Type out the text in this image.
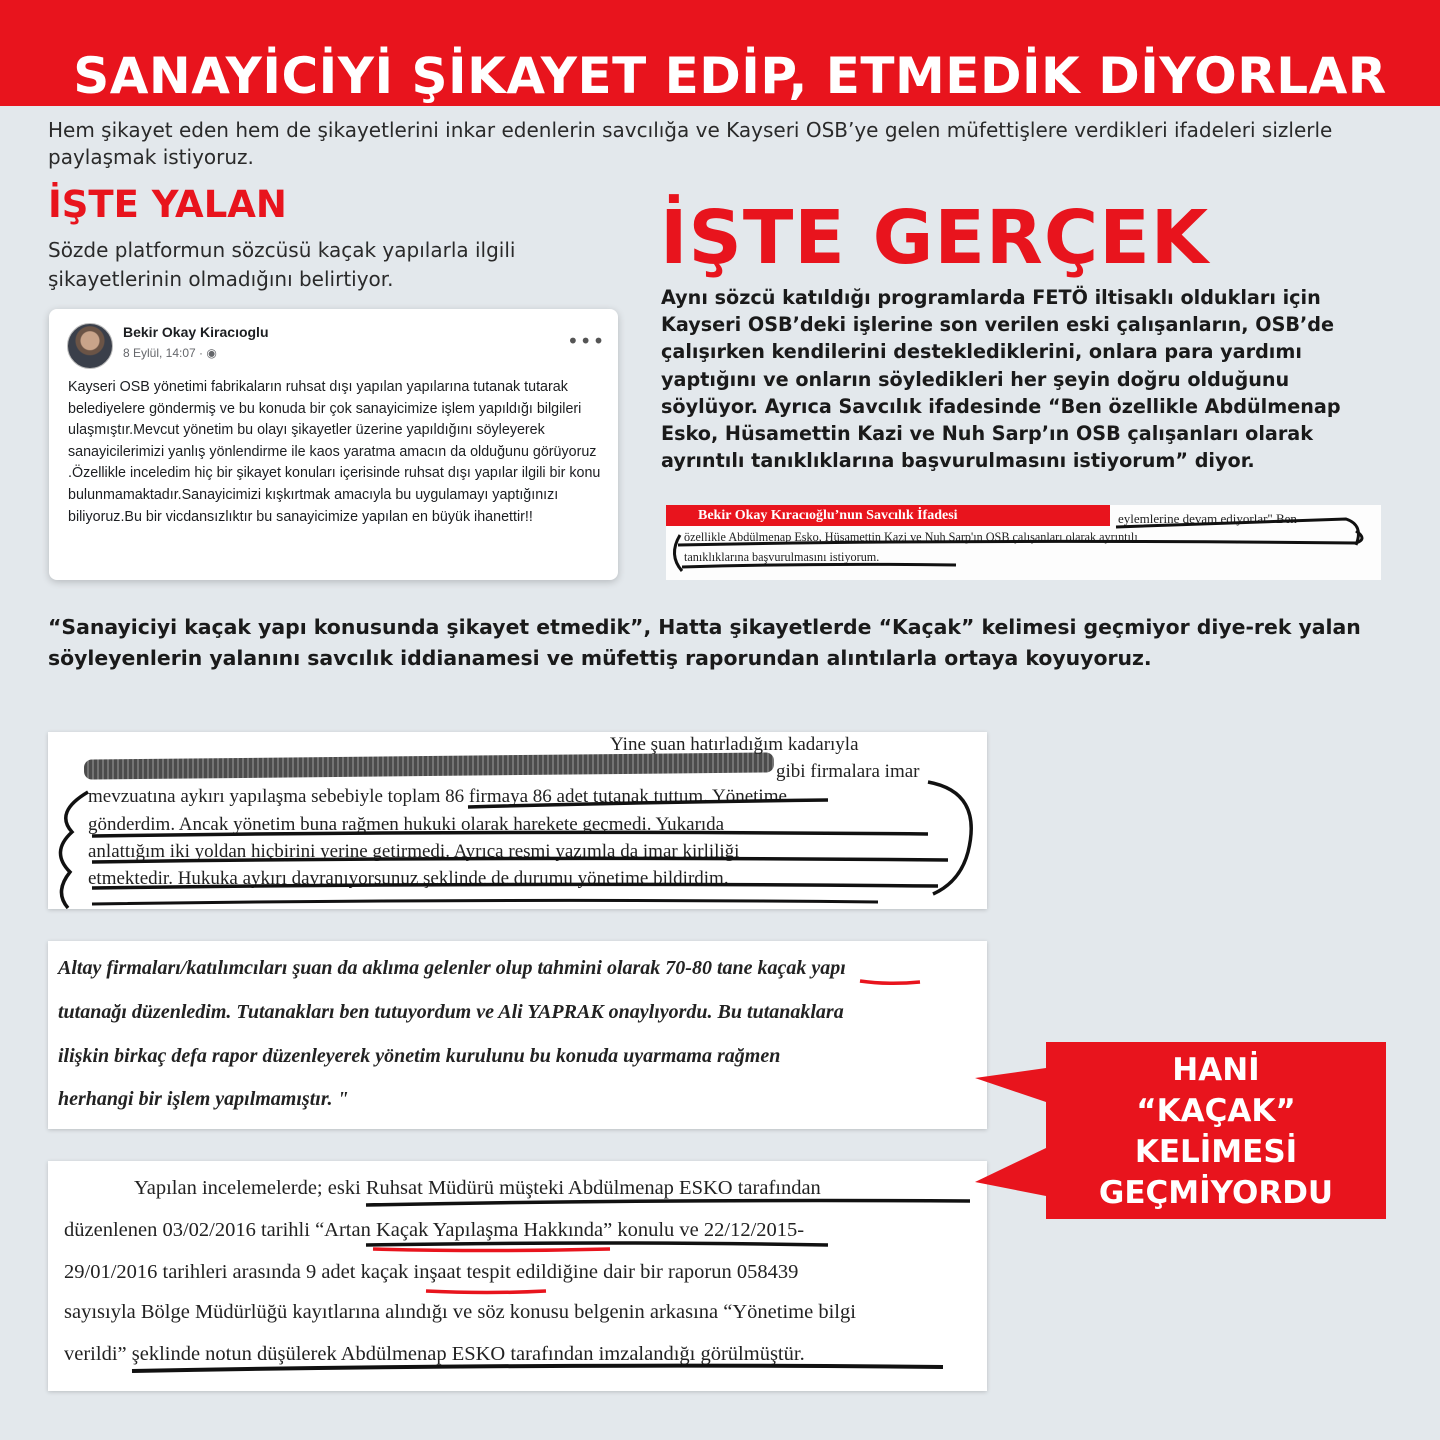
SANAYİCİYİ ŞİKAYET EDİP, ETMEDİK DİYORLAR

Hem şikayet eden hem de şikayetlerini inkar edenlerin savcılığa ve Kayseri OSB’ye gelen müfettişlere verdikleri ifadeleri sizlerle paylaşmak istiyoruz.

İŞTE YALAN

Sözde platformun sözcüsü kaçak yapılarla ilgili şikayetlerinin olmadığını belirtiyor.

Bekir Okay Kiracıoglu
8 Eylül, 14:07 · ◉	•••
Kayseri OSB yönetimi fabrikaların ruhsat dışı yapılan yapılarına tutanak tutarak belediyelere göndermiş ve bu konuda bir çok sanayicimize işlem yapıldığı bilgileri ulaşmıştır.Mevcut yönetim bu olayı şikayetler üzerine yapıldığını söyleyerek sanayicilerimizi yanlış yönlendirme ile kaos yaratma amacın da olduğunu görüyoruz .Özellikle inceledim hiç bir şikayet konuları içerisinde ruhsat dışı yapılar ilgili bir konu bulunmamaktadır.Sanayicimizi kışkırtmak amacıyla bu uygulamayı yaptığınızı biliyoruz.Bu bir vicdansızlıktır bu sanayicimize yapılan en büyük ihanettir!!
İŞTE GERÇEK

Aynı sözcü katıldığı programlarda FETÖ iltisaklı oldukları için Kayseri OSB’deki işlerine son verilen eski çalışanların, OSB’de çalışırken kendilerini desteklediklerini, onlara para yardımı yaptığını ve onların söyledikleri her şeyin doğru olduğunu söylüyor. Ayrıca Savcılık ifadesinde “Ben özellikle Abdülmenap Esko, Hüsamettin Kazi ve Nuh Sarp’ın OSB çalışanları olarak ayrıntılı tanıklıklarına başvurulmasını istiyorum” diyor.

eylemlerine devam ediyorlar" Ben
özellikle Abdülmenap Esko, Hüsamettin Kazi ve Nuh Sarp'ın OSB çalışanları olarak ayrıntılı
tanıklıklarına başvurulmasını istiyorum.
Bekir Okay Kıracıoğlu’nun Savcılık İfadesi

“Sanayiciyi kaçak yapı konusunda şikayet etmedik”, Hatta şikayetlerde “Kaçak” kelimesi geçmiyor diye-rek yalan söyleyenlerin yalanını savcılık iddianamesi ve müfettiş raporundan alıntılarla ortaya koyuyoruz.

Yine şuan hatırladığım kadarıyla
gibi firmalara imar
mevzuatına aykırı yapılaşma sebebiyle toplam 86 firmaya 86 adet tutanak tuttum. Yönetime
gönderdim. Ancak yönetim buna rağmen hukuki olarak harekete geçmedi. Yukarıda
anlattığım iki yoldan hiçbirini yerine getirmedi. Ayrıca resmi yazımla da imar kirliliği
etmektedir. Hukuka aykırı davranıyorsunuz şeklinde de durumu yönetime bildirdim.
Altay firmaları/katılımcıları şuan da aklıma gelenler olup tahmini olarak 70-80 tane kaçak yapı
tutanağı düzenledim. Tutanakları ben tutuyordum ve Ali YAPRAK onaylıyordu. Bu tutanaklara
ilişkin birkaç defa rapor düzenleyerek yönetim kurulunu bu konuda uyarmama rağmen
herhangi bir işlem yapılmamıştır. "
Yapılan incelemelerde; eski Ruhsat Müdürü müşteki Abdülmenap ESKO tarafından
düzenlenen 03/02/2016 tarihli “Artan Kaçak Yapılaşma Hakkında” konulu ve 22/12/2015-
29/01/2016 tarihleri arasında 9 adet kaçak inşaat tespit edildiğine dair bir raporun 058439
sayısıyla Bölge Müdürlüğü kayıtlarına alındığı ve söz konusu belgenin arkasına “Yönetime bilgi
verildi” şeklinde notun düşülerek Abdülmenap ESKO tarafından imzalandığı görülmüştür.
HANİ
“KAÇAK”
KELİMESİ
GEÇMİYORDU
